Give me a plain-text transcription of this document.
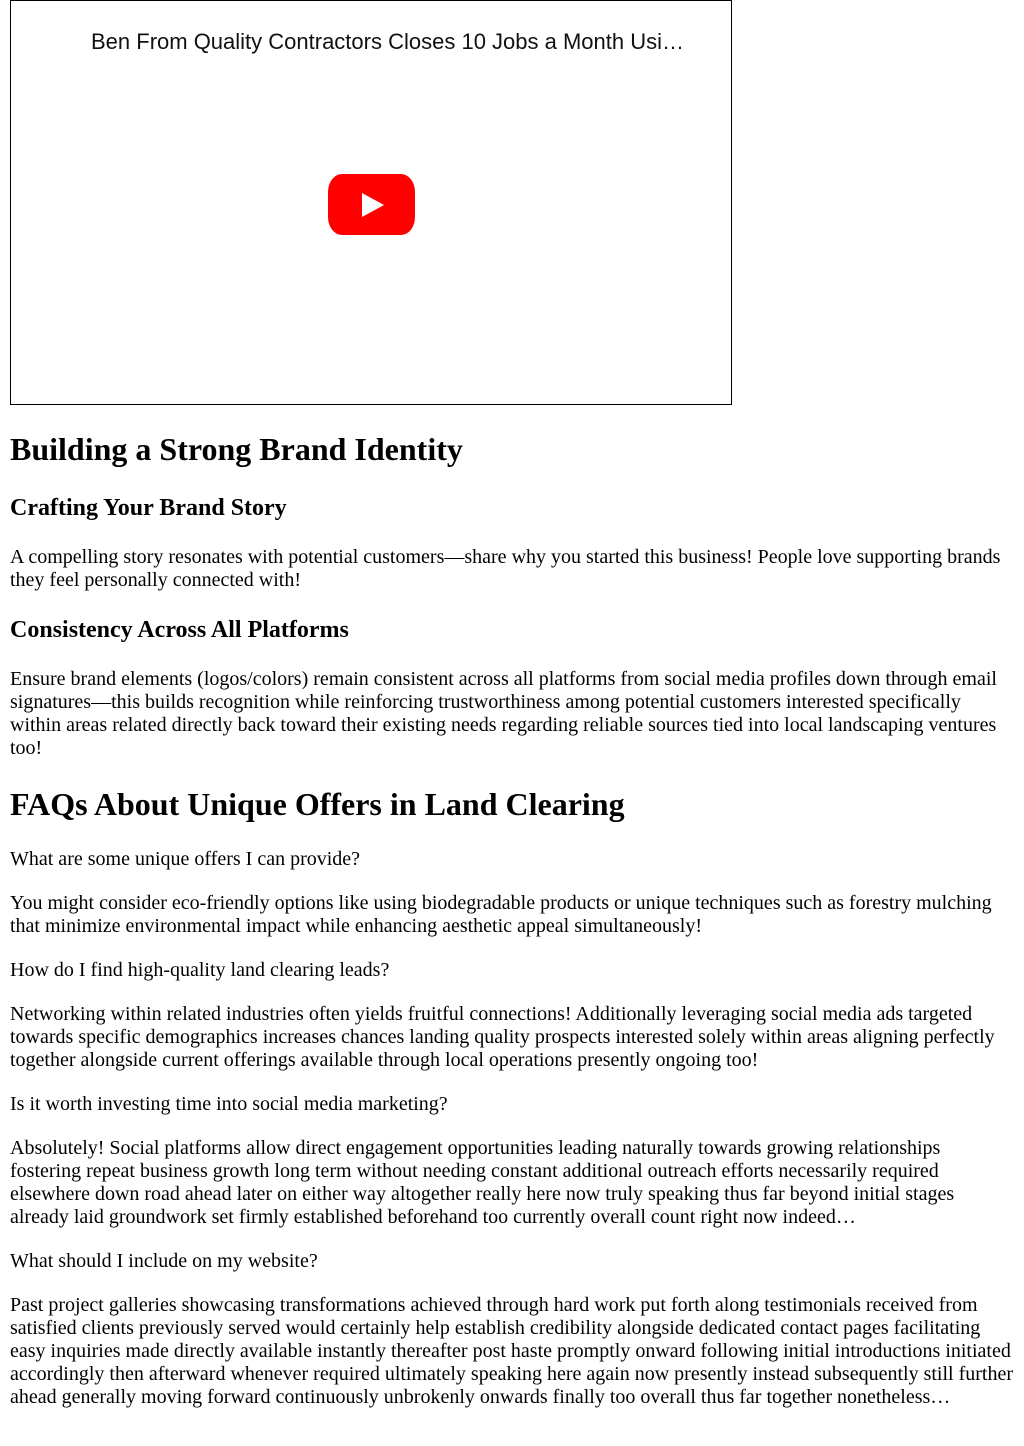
Ben From Quality Contractors Closes 10 Jobs a Month Usi…
Building a Strong Brand Identity
Crafting Your Brand Story

A compelling story resonates with potential customers—share why you started this business! People love supporting brands they feel personally connected with!

Consistency Across All Platforms

Ensure brand elements (logos/colors) remain consistent across all platforms from social media profiles down through email signatures—this builds recognition while reinforcing trustworthiness among potential customers interested specifically within areas related directly back toward their existing needs regarding reliable sources tied into local landscaping ventures too!

FAQs About Unique Offers in Land Clearing

What are some unique offers I can provide?

You might consider eco-friendly options like using biodegradable products or unique techniques such as forestry mulching that minimize environmental impact while enhancing aesthetic appeal simultaneously!

How do I find high-quality land clearing leads?

Networking within related industries often yields fruitful connections! Additionally leveraging social media ads targeted towards specific demographics increases chances landing quality prospects interested solely within areas aligning perfectly together alongside current offerings available through local operations presently ongoing too!

Is it worth investing time into social media marketing?

Absolutely! Social platforms allow direct engagement opportunities leading naturally towards growing relationships fostering repeat business growth long term without needing constant additional outreach efforts necessarily required elsewhere down road ahead later on either way altogether really here now truly speaking thus far beyond initial stages already laid groundwork set firmly established beforehand too currently overall count right now indeed…

What should I include on my website?

Past project galleries showcasing transformations achieved through hard work put forth along testimonials received from satisfied clients previously served would certainly help establish credibility alongside dedicated contact pages facilitating easy inquiries made directly available instantly thereafter post haste promptly onward following initial introductions initiated accordingly then afterward whenever required ultimately speaking here again now presently instead subsequently still further ahead generally moving forward continuously unbrokenly onwards finally too overall thus far together nonetheless…
